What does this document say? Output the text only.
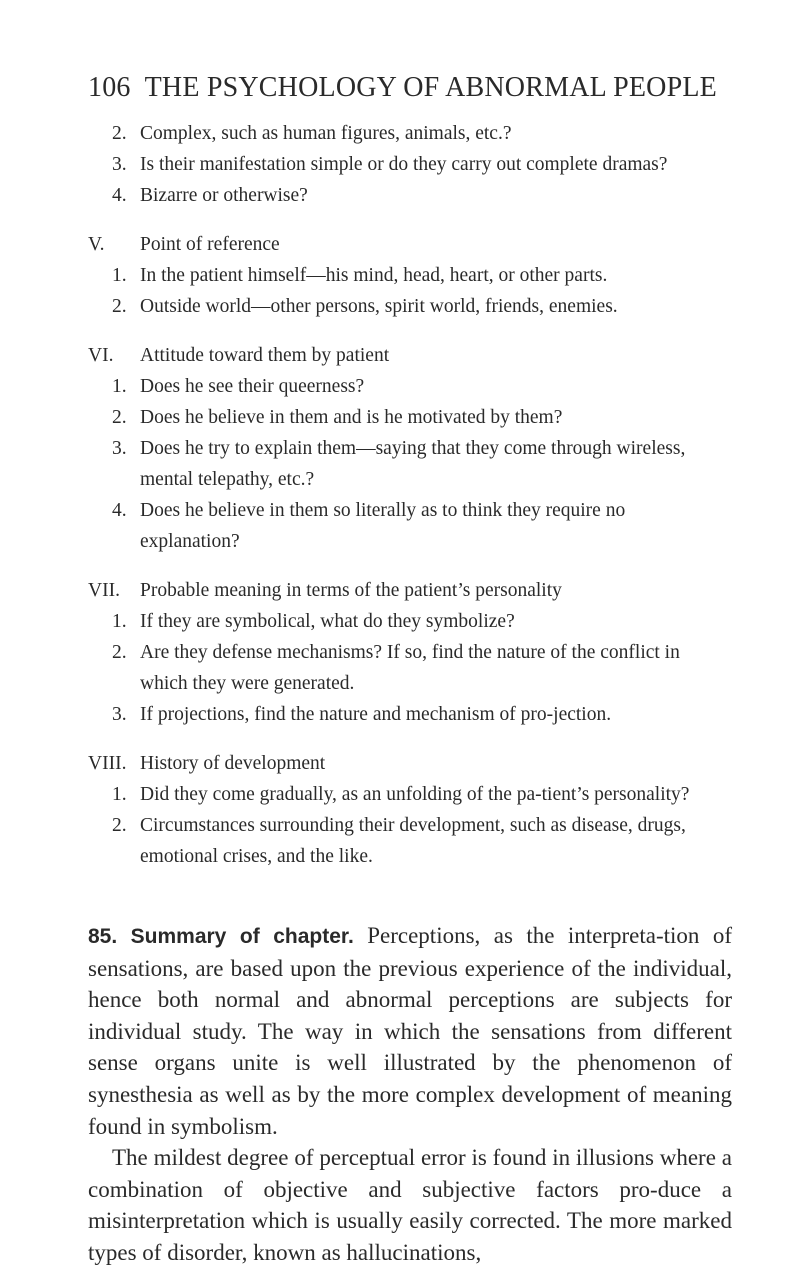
106 THE PSYCHOLOGY OF ABNORMAL PEOPLE
2. Complex, such as human figures, animals, etc.?
3. Is their manifestation simple or do they carry out complete dramas?
4. Bizarre or otherwise?
V.	Point of reference
1. In the patient himself—his mind, head, heart, or other parts.
2. Outside world—other persons, spirit world, friends, enemies.
VI.	Attitude toward them by patient
1. Does he see their queerness?
2. Does he believe in them and is he motivated by them?
3. Does he try to explain them—saying that they come through wireless, mental telepathy, etc.?
4. Does he believe in them so literally as to think they require no explanation?
VII.	Probable meaning in terms of the patient’s personality
1. If they are symbolical, what do they symbolize?
2. Are they defense mechanisms? If so, find the nature of the conflict in which they were generated.
3. If projections, find the nature and mechanism of pro-jection.
VIII. History of development
1. Did they come gradually, as an unfolding of the pa-tient’s personality?
2. Circumstances surrounding their development, such as disease, drugs, emotional crises, and the like.

85. Summary of chapter. Perceptions, as the interpreta-tion of sensations, are based upon the previous experience of the individual, hence both normal and abnormal perceptions are subjects for individual study. The way in which the sensations from different sense organs unite is well illustrated by the phenomenon of synesthesia as well as by the more complex development of meaning found in symbolism.

The mildest degree of perceptual error is found in illusions where a combination of objective and subjective factors pro-duce a misinterpretation which is usually easily corrected. The more marked types of disorder, known as hallucinations,
